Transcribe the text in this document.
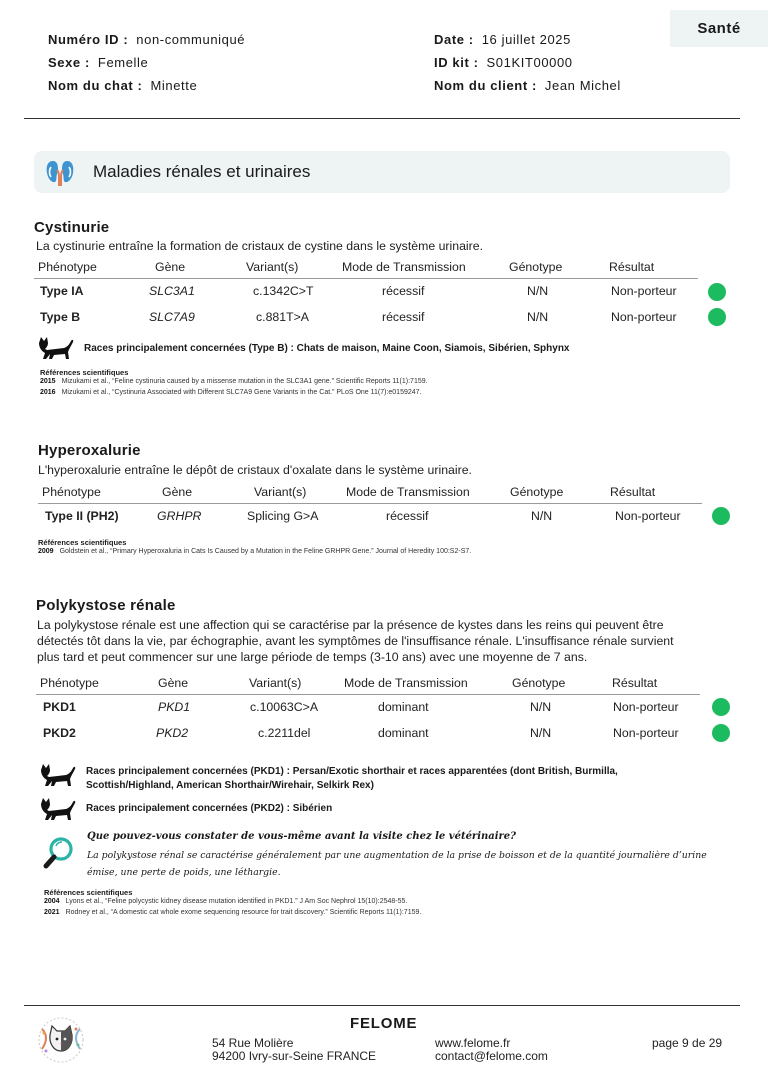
Santé
Numéro ID : non-communiqué
Sexe : Femelle
Nom du chat : Minette
Date : 16 juillet 2025
ID kit : S01KIT00000
Nom du client : Jean Michel
Maladies rénales et urinaires
Cystinurie
La cystinurie entraîne la formation de cristaux de cystine dans le système urinaire.
Phénotype	Gène	Variant(s)	Mode de Transmission	Génotype	Résultat
Type IA	SLC3A1	c.1342C>T	récessif	N/N	Non-porteur
Type B	SLC7A9	c.881T>A	récessif	N/N	Non-porteur
Races principalement concernées (Type B) : Chats de maison, Maine Coon, Siamois, Sibérien, Sphynx
Références scientifiques
2015 Mizukami et al., “Feline cystinuria caused by a missense mutation in the SLC3A1 gene.” Scientific Reports 11(1):7159.
2016 Mizukami et al., “Cystinuria Associated with Different SLC7A9 Gene Variants in the Cat.” PLoS One 11(7):e0159247.
Hyperoxalurie
L'hyperoxalurie entraîne le dépôt de cristaux d'oxalate dans le système urinaire.
Phénotype	Gène	Variant(s)	Mode de Transmission	Génotype	Résultat
Type II (PH2)	GRHPR	Splicing G>A	récessif	N/N	Non-porteur
Références scientifiques
2009 Goldstein et al., “Primary Hyperoxaluria in Cats Is Caused by a Mutation in the Feline GRHPR Gene.” Journal of Heredity 100:S2-S7.
Polykystose rénale
La polykystose rénale est une affection qui se caractérise par la présence de kystes dans les reins qui peuvent être
détectés tôt dans la vie, par échographie, avant les symptômes de l'insuffisance rénale. L'insuffisance rénale survient
plus tard et peut commencer sur une large période de temps (3-10 ans) avec une moyenne de 7 ans.
Phénotype	Gène	Variant(s)	Mode de Transmission	Génotype	Résultat
PKD1	PKD1	c.10063C>A	dominant	N/N	Non-porteur
PKD2	PKD2	c.2211del	dominant	N/N	Non-porteur
Races principalement concernées (PKD1) : Persan/Exotic shorthair et races apparentées (dont British, Burmilla,
Scottish/Highland, American Shorthair/Wirehair, Selkirk Rex)
Races principalement concernées (PKD2) : Sibérien
Que pouvez-vous constater de vous-même avant la visite chez le vétérinaire?
La polykystose rénal se caractérise généralement par une augmentation de la prise de boisson et de la quantité journalière d’urine émise, une perte de poids, une léthargie.
Références scientifiques
2004 Lyons et al., “Feline polycystic kidney disease mutation identified in PKD1.” J Am Soc Nephrol 15(10):2548-55.
2021 Rodney et al., “A domestic cat whole exome sequencing resource for trait discovery.” Scientific Reports 11(1):7159.
FELOME
54 Rue Molière
94200 Ivry-sur-Seine FRANCE
www.felome.fr
contact@felome.com
page 9 de 29
